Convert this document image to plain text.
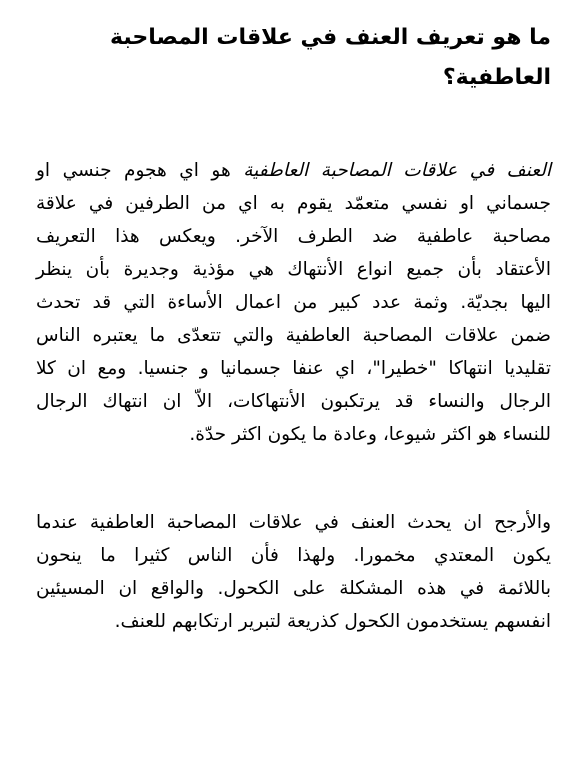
ما هو تعريف العنف في علاقات المصاحبة العاطفية؟
العنف في علاقات المصاحبة العاطفية هو اي هجوم جنسي او
جسماني او نفسي متعمّد يقوم به اي من الطرفين في علاقة
مصاحبة عاطفية ضد الطرف الآخر. ويعكس هذا التعريف
الأعتقاد بأن جميع انواع الأنتهاك هي مؤذية وجديرة بأن ينظر
اليها بجديّة. وثمة عدد كبير من اعمال الأساءة التي قد تحدث
ضمن علاقات المصاحبة العاطفية والتي تتعدّى ما يعتبره الناس
تقليديا انتهاكا "خطيرا"، اي عنفا جسمانيا و جنسيا. ومع ان كلا
الرجال والنساء قد يرتكبون الأنتهاكات، الاّ ان انتهاك الرجال
للنساء هو اكثر شيوعا، وعادة ما يكون اكثر حدّة.
والأرجح ان يحدث العنف في علاقات المصاحبة العاطفية عندما
يكون المعتدي مخمورا. ولهذا فأن الناس كثيرا ما ينحون
باللائمة في هذه المشكلة على الكحول. والواقع ان المسيئين
انفسهم يستخدمون الكحول كذريعة لتبرير ارتكابهم للعنف.
